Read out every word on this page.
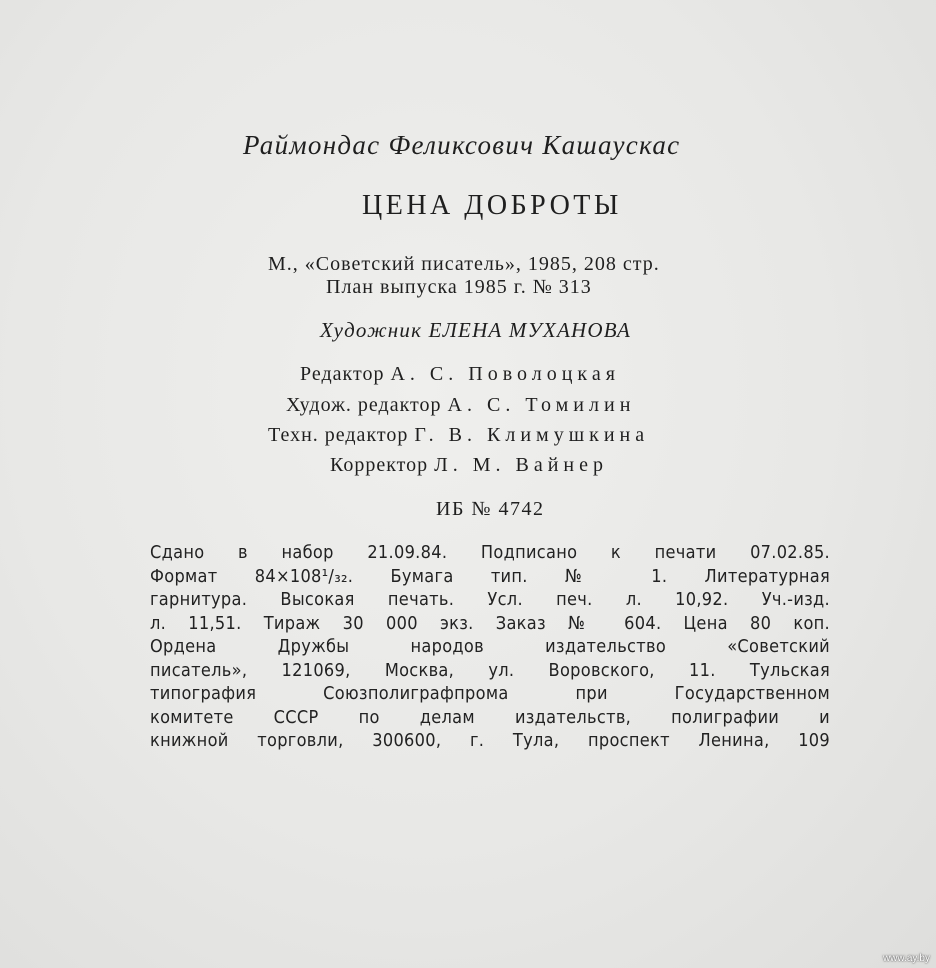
Раймондас Феликсович Кашаускас
ЦЕНА ДОБРОТЫ
М., «Советский писатель», 1985, 208 стр.
План выпуска 1985 г. № 313
Художник ЕЛЕНА МУХАНОВА
Редактор А. С. Поволоцкая
Худож. редактор А. С. Томилин
Техн. редактор Г. В. Климушкина
Корректор Л. М. Вайнер
ИБ № 4742
Сдано в набор 21.09.84. Подписано к печати 07.02.85.
Формат 84×108¹/₃₂. Бумага тип. № 1. Литературная
гарнитура. Высокая печать. Усл. печ. л. 10,92. Уч.-изд.
л. 11,51. Тираж 30 000 экз. Заказ № 604. Цена 80 коп.
Ордена Дружбы народов издательство «Советский
писатель», 121069, Москва, ул. Воровского, 11. Тульская
типография Союзполиграфпрома при Государственном
комитете СССР по делам издательств, полиграфии и
книжной торговли, 300600, г. Тула, проспект Ленина, 109
www.ay.by
